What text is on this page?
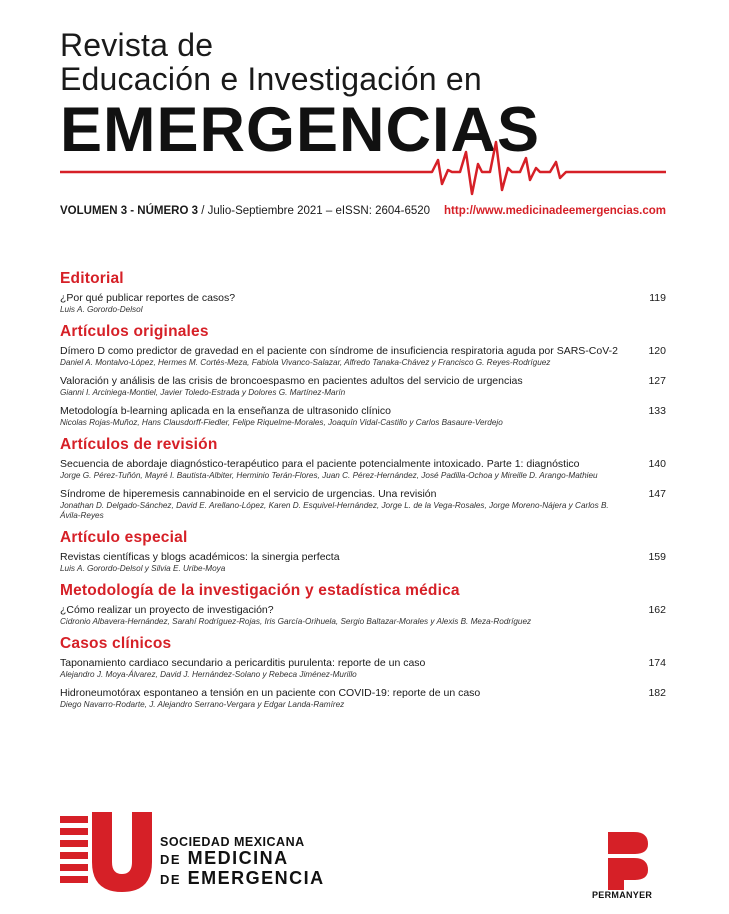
Revista de
Educación e Investigación en
EMERGENCIAS
VOLUMEN 3 - NÚMERO 3 / Julio-Septiembre 2021 – eISSN: 2604-6520 http://www.medicinadeemergencias.com
Editorial
¿Por qué publicar reportes de casos?
Luis A. Gorordo-Delsol
119
Artículos originales
Dímero D como predictor de gravedad en el paciente con síndrome de insuficiencia respiratoria aguda por SARS-CoV-2
Daniel A. Montalvo-López, Hermes M. Cortés-Meza, Fabiola Vivanco-Salazar, Alfredo Tanaka-Chávez y Francisco G. Reyes-Rodríguez
120
Valoración y análisis de las crisis de broncoespasmo en pacientes adultos del servicio de urgencias
Gianni I. Arciniega-Montiel, Javier Toledo-Estrada y Dolores G. Martínez-Marín
127
Metodología b-learning aplicada en la enseñanza de ultrasonido clínico
Nicolas Rojas-Muñoz, Hans Clausdorff-Fiedler, Felipe Riquelme-Morales, Joaquín Vidal-Castillo y Carlos Basaure-Verdejo
133
Artículos de revisión
Secuencia de abordaje diagnóstico-terapéutico para el paciente potencialmente intoxicado. Parte 1: diagnóstico
Jorge G. Pérez-Tuñón, Mayré I. Bautista-Albiter, Herminio Terán-Flores, Juan C. Pérez-Hernández, José Padilla-Ochoa y Mireille D. Arango-Mathieu
140
Síndrome de hiperemesis cannabinoide en el servicio de urgencias. Una revisión
Jonathan D. Delgado-Sánchez, David E. Arellano-López, Karen D. Esquivel-Hernández, Jorge L. de la Vega-Rosales, Jorge Moreno-Nájera y Carlos B. Ávila-Reyes
147
Artículo especial
Revistas científicas y blogs académicos: la sinergia perfecta
Luis A. Gorordo-Delsol y Silvia E. Uribe-Moya
159
Metodología de la investigación y estadística médica
¿Cómo realizar un proyecto de investigación?
Cidronio Albavera-Hernández, Sarahí Rodríguez-Rojas, Iris García-Orihuela, Sergio Baltazar-Morales y Alexis B. Meza-Rodríguez
162
Casos clínicos
Taponamiento cardiaco secundario a pericarditis purulenta: reporte de un caso
Alejandro J. Moya-Álvarez, David J. Hernández-Solano y Rebeca Jiménez-Murillo
174
Hidroneumotórax espontaneo a tensión en un paciente con COVID-19: reporte de un caso
Diego Navarro-Rodarte, J. Alejandro Serrano-Vergara y Edgar Landa-Ramírez
182
SOCIEDAD MEXICANA
DE MEDICINA
DE EMERGENCIA
PERMANYER
